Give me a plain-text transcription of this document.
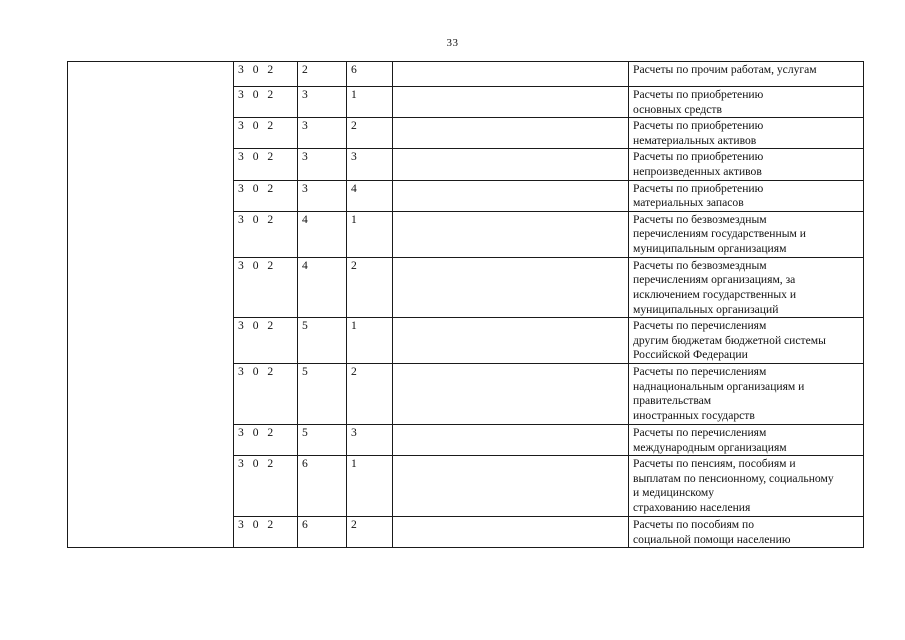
33
	3 0 2	2	6		Расчеты по прочим работам, услугам

	3 0 2	3	1		Расчеты по приобретению
основных средств

	3 0 2	3	2		Расчеты по приобретению
нематериальных активов

	3 0 2	3	3		Расчеты по приобретению
непроизведенных активов

	3 0 2	3	4		Расчеты по приобретению
материальных запасов

	3 0 2	4	1		Расчеты по безвозмездным
перечислениям государственным и
муниципальным организациям

	3 0 2	4	2		Расчеты по безвозмездным
перечислениям организациям, за
исключением государственных и
муниципальных организаций

	3 0 2	5	1		Расчеты по перечислениям
другим бюджетам бюджетной системы
Российской Федерации

	3 0 2	5	2		Расчеты по перечислениям
наднациональным организациям и
правительствам
иностранных государств

	3 0 2	5	3		Расчеты по перечислениям
международным организациям

	3 0 2	6	1		Расчеты по пенсиям, пособиям и
выплатам по пенсионному, социальному
и медицинскому
страхованию населения

	3 0 2	6	2		Расчеты по пособиям по
социальной помощи населению
